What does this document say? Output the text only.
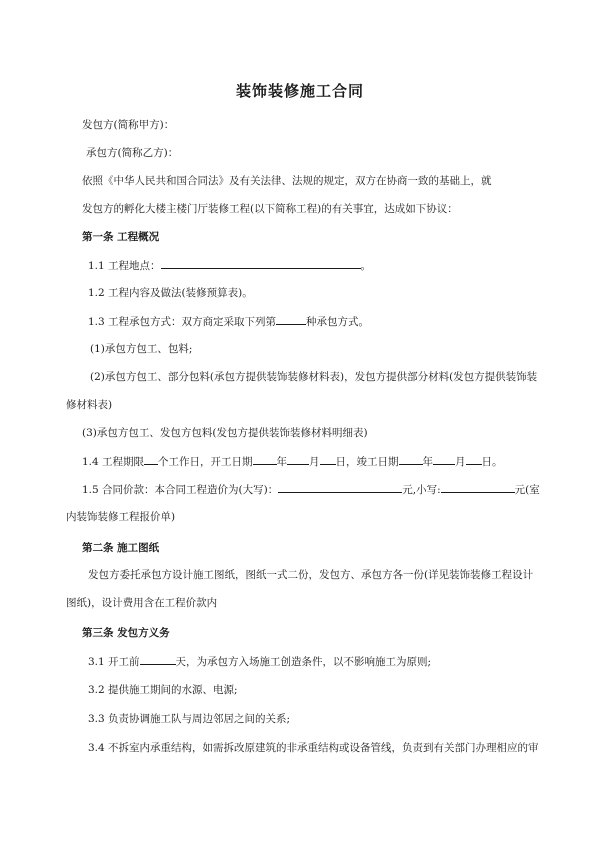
装饰装修施工合同
发包方(简称甲方)：
承包方(简称乙方)：
依照《中华人民共和国合同法》及有关法律、法规的规定，双方在协商一致的基础上，就
发包方的孵化大楼主楼门厅装修工程(以下简称工程)的有关事宜，达成如下协议：
第一条 工程概况
1.1 工程地点：	。
1.2 工程内容及做法(装修预算表)。
1.3 工程承包方式：双方商定采取下列第	种承包方式。
(1)承包方包工、包料;
(2)承包方包工、部分包料(承包方提供装饰装修材料表)，发包方提供部分材料(发包方提供装饰装
修材料表)
(3)承包方包工、发包方包料(发包方提供装饰装修材料明细表)
1.4 工程期限 个工作日，开工日期 年 月 日，竣工日期 年 月 日。
1.5 合同价款：本合同工程造价为(大写)：	元,小写:	元(室
内装饰装修工程报价单)
第二条 施工图纸
发包方委托承包方设计施工图纸，图纸一式二份，发包方、承包方各一份(详见装饰装修工程设计
图纸)，设计费用含在工程价款内
第三条 发包方义务
3.1 开工前	天，为承包方入场施工创造条件，以不影响施工为原则;
3.2 提供施工期间的水源、电源;
3.3 负责协调施工队与周边邻居之间的关系;
3.4 不拆室内承重结构，如需拆改原建筑的非承重结构或设备管线，负责到有关部门办理相应的审
